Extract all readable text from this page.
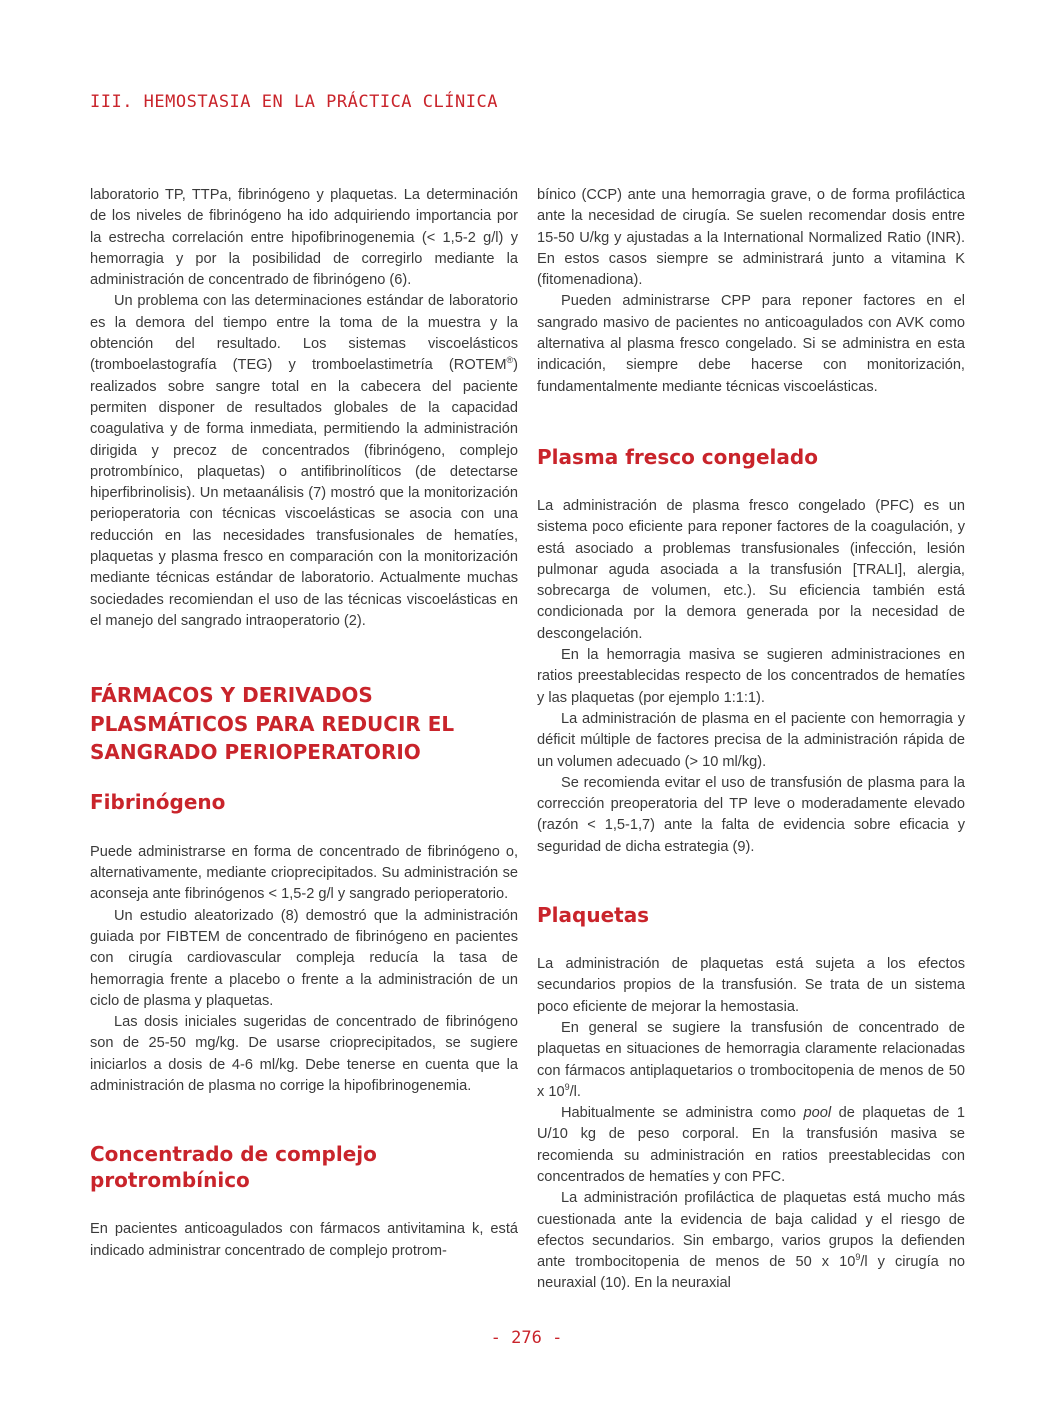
III. HEMOSTASIA EN LA PRÁCTICA CLÍNICA

laboratorio TP, TTPa, fibrinógeno y plaquetas. La determinación de los niveles de fibrinógeno ha ido adquiriendo importancia por la estrecha correlación entre hipofibrinogenemia (< 1,5-2 g/l) y hemorragia y por la posibilidad de corregirlo mediante la administración de concentrado de fibrinógeno (6).

Un problema con las determinaciones estándar de laboratorio es la demora del tiempo entre la toma de la muestra y la obtención del resultado. Los sistemas viscoelásticos (tromboelastografía (TEG) y tromboelastimetría (ROTEM®) realizados sobre sangre total en la cabecera del paciente permiten disponer de resultados globales de la capacidad coagulativa y de forma inmediata, permitiendo la administración dirigida y precoz de concentrados (fibrinógeno, complejo protrombínico, plaquetas) o antifibrinolíticos (de detectarse hiperfibrinolisis). Un metaanálisis (7) mostró que la monitorización perioperatoria con técnicas viscoelásticas se asocia con una reducción en las necesidades transfusionales de hematíes, plaquetas y plasma fresco en comparación con la monitorización mediante técnicas estándar de laboratorio. Actualmente muchas sociedades recomiendan el uso de las técnicas viscoelásticas en el manejo del sangrado intraoperatorio (2).

FÁRMACOS Y DERIVADOS PLASMÁTICOS PARA REDUCIR EL SANGRADO PERIOPERATORIO
Fibrinógeno

Puede administrarse en forma de concentrado de fibrinógeno o, alternativamente, mediante crioprecipitados. Su administración se aconseja ante fibrinógenos < 1,5-2 g/l y sangrado perioperatorio.

Un estudio aleatorizado (8) demostró que la administración guiada por FIBTEM de concentrado de fibrinógeno en pacientes con cirugía cardiovascular compleja reducía la tasa de hemorragia frente a placebo o frente a la administración de un ciclo de plasma y plaquetas.

Las dosis iniciales sugeridas de concentrado de fibrinógeno son de 25-50 mg/kg. De usarse crioprecipitados, se sugiere iniciarlos a dosis de 4-6 ml/kg. Debe tenerse en cuenta que la administración de plasma no corrige la hipofibrinogenemia.

Concentrado de complejo protrombínico

En pacientes anticoagulados con fármacos antivitamina k, está indicado administrar concentrado de complejo protrom-

bínico (CCP) ante una hemorragia grave, o de forma profiláctica ante la necesidad de cirugía. Se suelen recomendar dosis entre 15-50 U/kg y ajustadas a la International Normalized Ratio (INR). En estos casos siempre se administrará junto a vitamina K (fitomenadiona).

Pueden administrarse CPP para reponer factores en el sangrado masivo de pacientes no anticoagulados con AVK como alternativa al plasma fresco congelado. Si se administra en esta indicación, siempre debe hacerse con monitorización, fundamentalmente mediante técnicas viscoelásticas.

Plasma fresco congelado

La administración de plasma fresco congelado (PFC) es un sistema poco eficiente para reponer factores de la coagulación, y está asociado a problemas transfusionales (infección, lesión pulmonar aguda asociada a la transfusión [TRALI], alergia, sobrecarga de volumen, etc.). Su eficiencia también está condicionada por la demora generada por la necesidad de descongelación.

En la hemorragia masiva se sugieren administraciones en ratios preestablecidas respecto de los concentrados de hematíes y las plaquetas (por ejemplo 1:1:1).

La administración de plasma en el paciente con hemorragia y déficit múltiple de factores precisa de la administración rápida de un volumen adecuado (> 10 ml/kg).

Se recomienda evitar el uso de transfusión de plasma para la corrección preoperatoria del TP leve o moderadamente elevado (razón < 1,5-1,7) ante la falta de evidencia sobre eficacia y seguridad de dicha estrategia (9).

Plaquetas

La administración de plaquetas está sujeta a los efectos secundarios propios de la transfusión. Se trata de un sistema poco eficiente de mejorar la hemostasia.

En general se sugiere la transfusión de concentrado de plaquetas en situaciones de hemorragia claramente relacionadas con fármacos antiplaquetarios o trombocitopenia de menos de 50 x $10^9/l$.

Habitualmente se administra como pool de plaquetas de 1 U/10 kg de peso corporal. En la transfusión masiva se recomienda su administración en ratios preestablecidas con concentrados de hematíes y con PFC.

La administración profiláctica de plaquetas está mucho más cuestionada ante la evidencia de baja calidad y el riesgo de efectos secundarios. Sin embargo, varios grupos la defienden ante trombocitopenia de menos de 50 x $10^9/l$ y cirugía no neuraxial (10). En la neuraxial

- 276 -
